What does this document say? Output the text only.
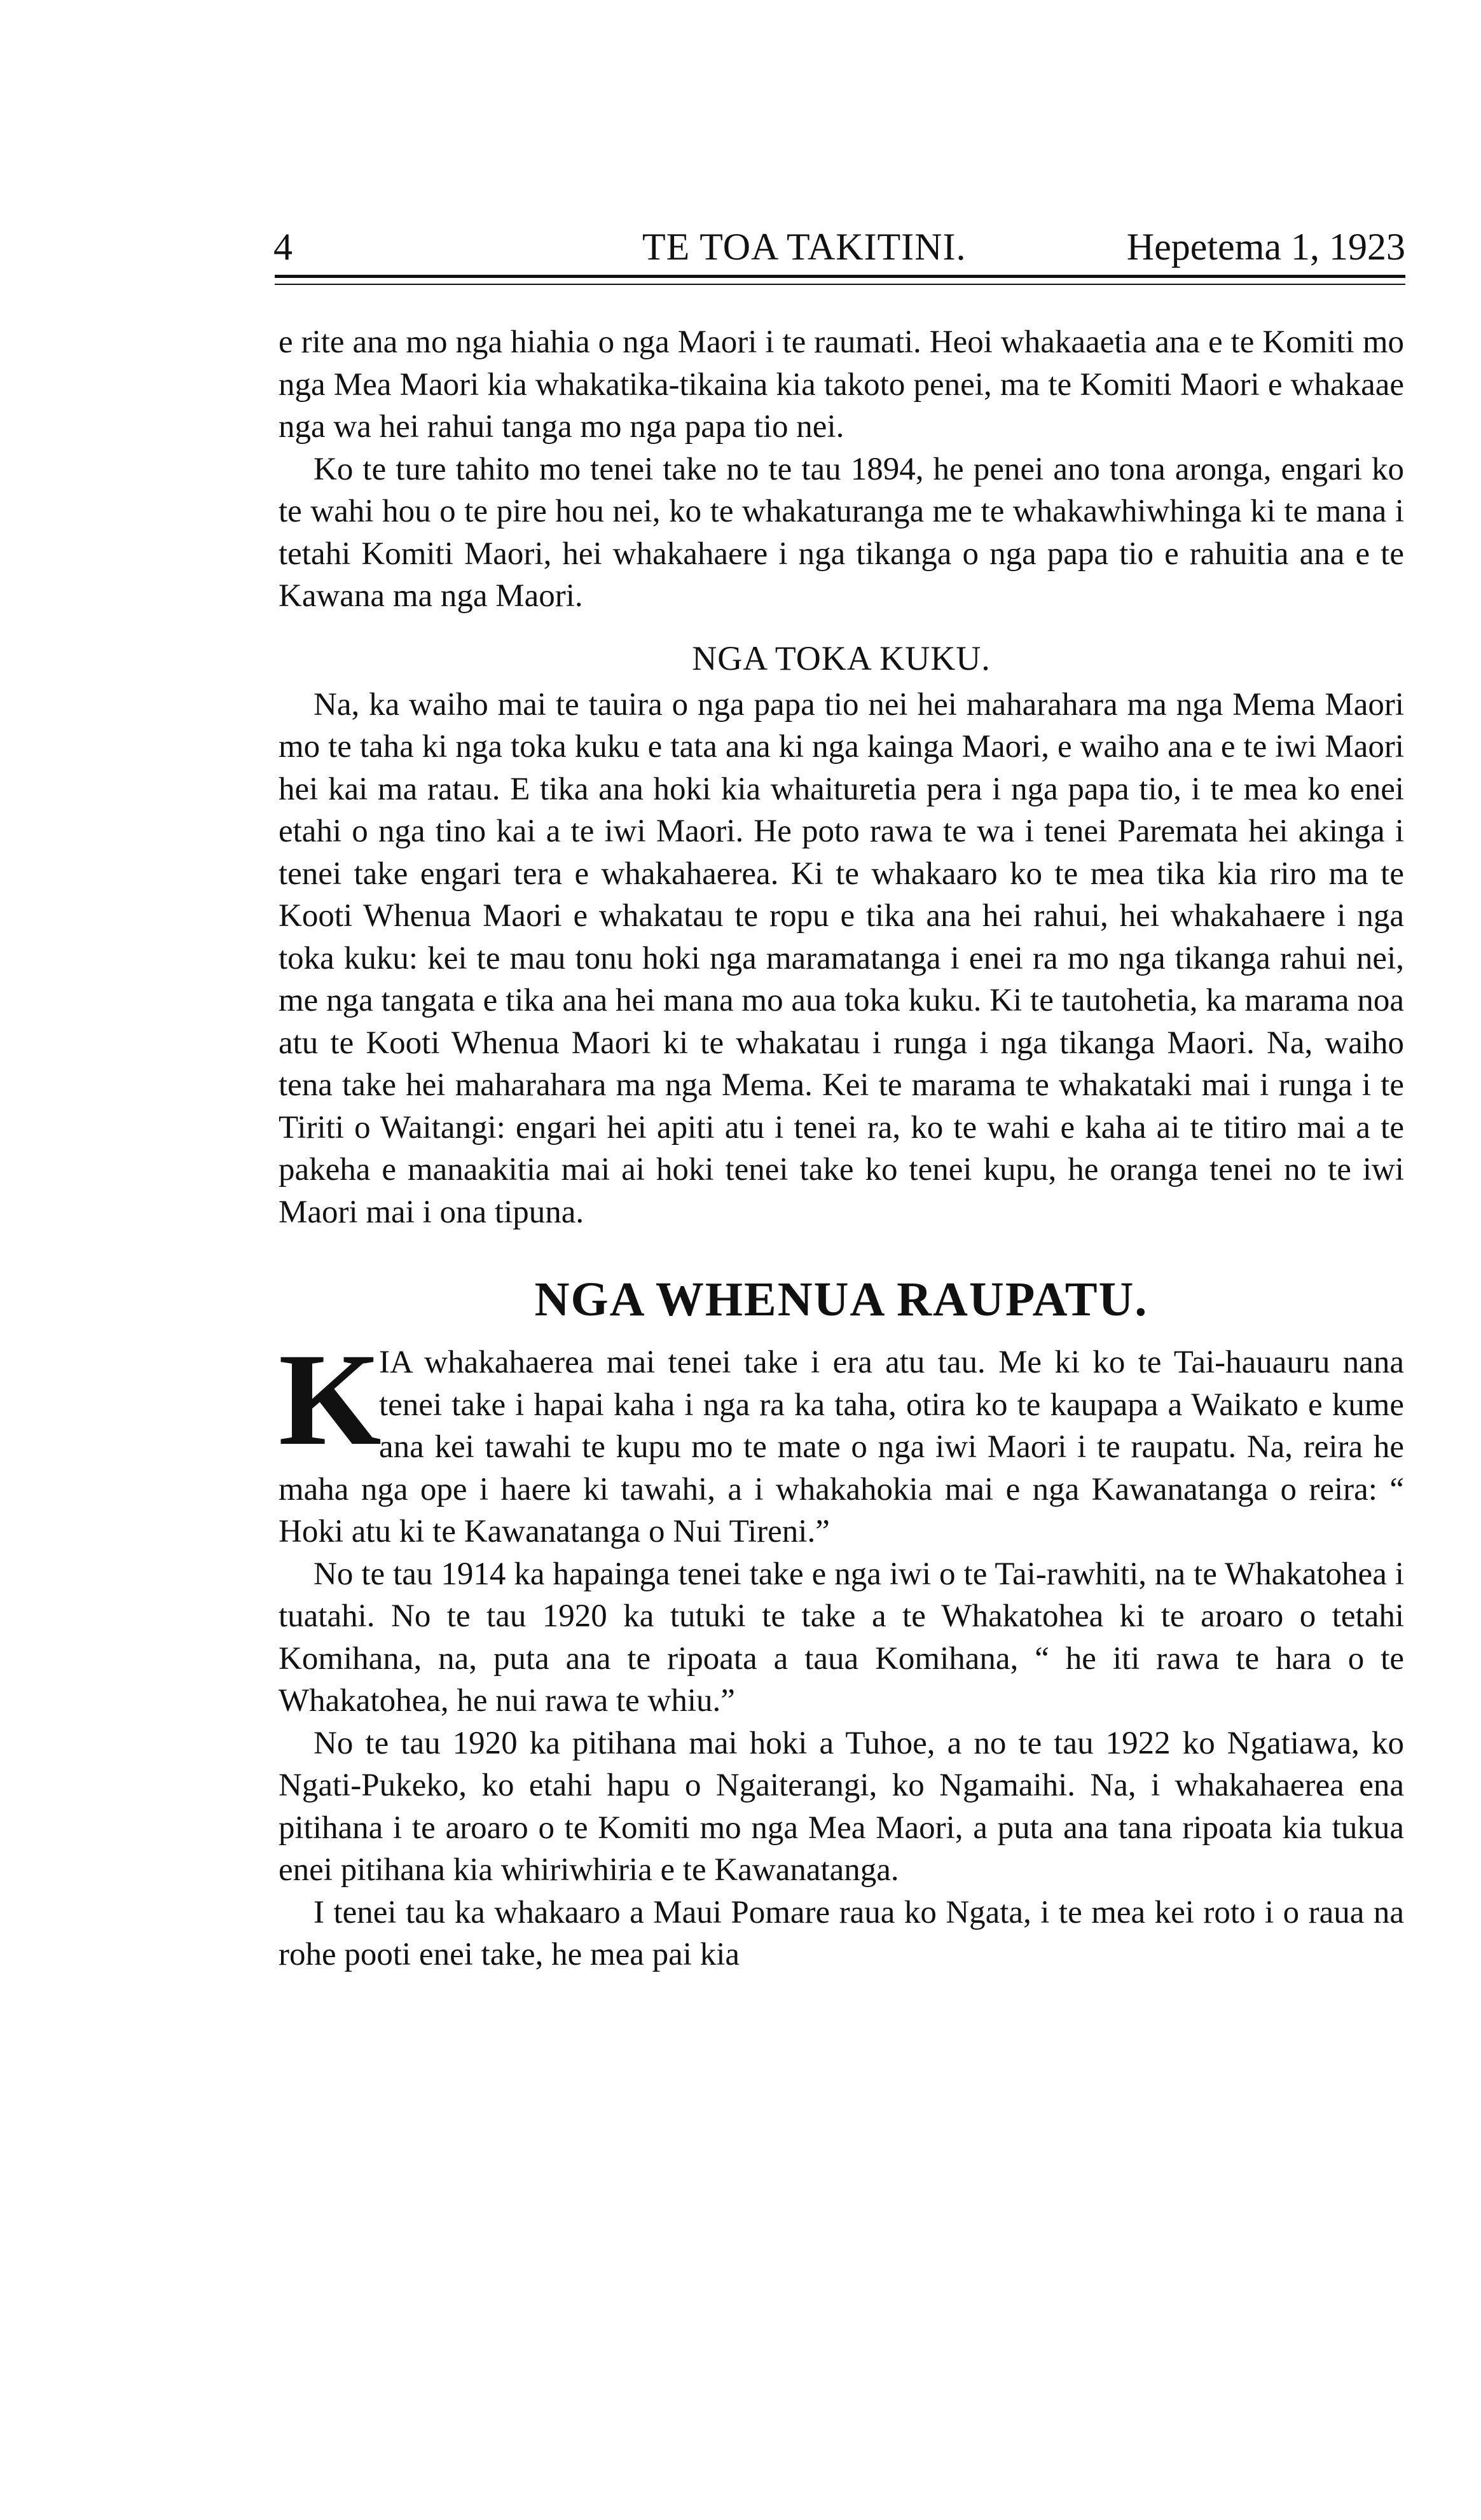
4	TE TOA TAKITINI.	Hepetema 1, 1923

e rite ana mo nga hiahia o nga Maori i te raumati. Heoi whakaaetia ana e te Komiti mo nga Mea Maori kia whakatika-tikaina kia takoto penei, ma te Komiti Maori e whakaae nga wa hei rahui tanga mo nga papa tio nei.

Ko te ture tahito mo tenei take no te tau 1894, he penei ano tona aronga, engari ko te wahi hou o te pire hou nei, ko te whakaturanga me te whakawhiwhinga ki te mana i tetahi Komiti Maori, hei whakahaere i nga tikanga o nga papa tio e rahuitia ana e te Kawana ma nga Maori.

NGA TOKA KUKU.

Na, ka waiho mai te tauira o nga papa tio nei hei maharahara ma nga Mema Maori mo te taha ki nga toka kuku e tata ana ki nga kainga Maori, e waiho ana e te iwi Maori hei kai ma ratau. E tika ana hoki kia whaituretia pera i nga papa tio, i te mea ko enei etahi o nga tino kai a te iwi Maori. He poto rawa te wa i tenei Paremata hei akinga i tenei take engari tera e whakahaerea. Ki te whakaaro ko te mea tika kia riro ma te Kooti Whenua Maori e whakatau te ropu e tika ana hei rahui, hei whakahaere i nga toka kuku: kei te mau tonu hoki nga maramatanga i enei ra mo nga tikanga rahui nei, me nga tangata e tika ana hei mana mo aua toka kuku. Ki te tautohetia, ka marama noa atu te Kooti Whenua Maori ki te whakatau i runga i nga tikanga Maori. Na, waiho tena take hei maharahara ma nga Mema. Kei te marama te whakataki mai i runga i te Tiriti o Waitangi: engari hei apiti atu i tenei ra, ko te wahi e kaha ai te titiro mai a te pakeha e manaakitia mai ai hoki tenei take ko tenei kupu, he oranga tenei no te iwi Maori mai i ona tipuna.

NGA WHENUA RAUPATU.

K
IA whakahaerea mai tenei take i era atu tau. Me ki ko te Tai-hauauru nana tenei take i hapai kaha i nga ra ka taha, otira ko te kaupapa a Waikato e kume ana kei tawahi te kupu mo te mate o nga iwi Maori i te raupatu. Na, reira he maha nga ope i haere ki tawahi, a i whakahokia mai e nga Kawanatanga o reira: “ Hoki atu ki te Kawanatanga o Nui Tireni.”

No te tau 1914 ka hapainga tenei take e nga iwi o te Tai-rawhiti, na te Whakatohea i tuatahi. No te tau 1920 ka tutuki te take a te Whakatohea ki te aroaro o tetahi Komihana, na, puta ana te ripoata a taua Komihana, “ he iti rawa te hara o te Whakatohea, he nui rawa te whiu.”

No te tau 1920 ka pitihana mai hoki a Tuhoe, a no te tau 1922 ko Ngatiawa, ko Ngati-Pukeko, ko etahi hapu o Ngaiterangi, ko Ngamaihi. Na, i whakahaerea ena pitihana i te aroaro o te Komiti mo nga Mea Maori, a puta ana tana ripoata kia tukua enei pitihana kia whiriwhiria e te Kawanatanga.

I tenei tau ka whakaaro a Maui Pomare raua ko Ngata, i te mea kei roto i o raua na rohe pooti enei take, he mea pai kia
